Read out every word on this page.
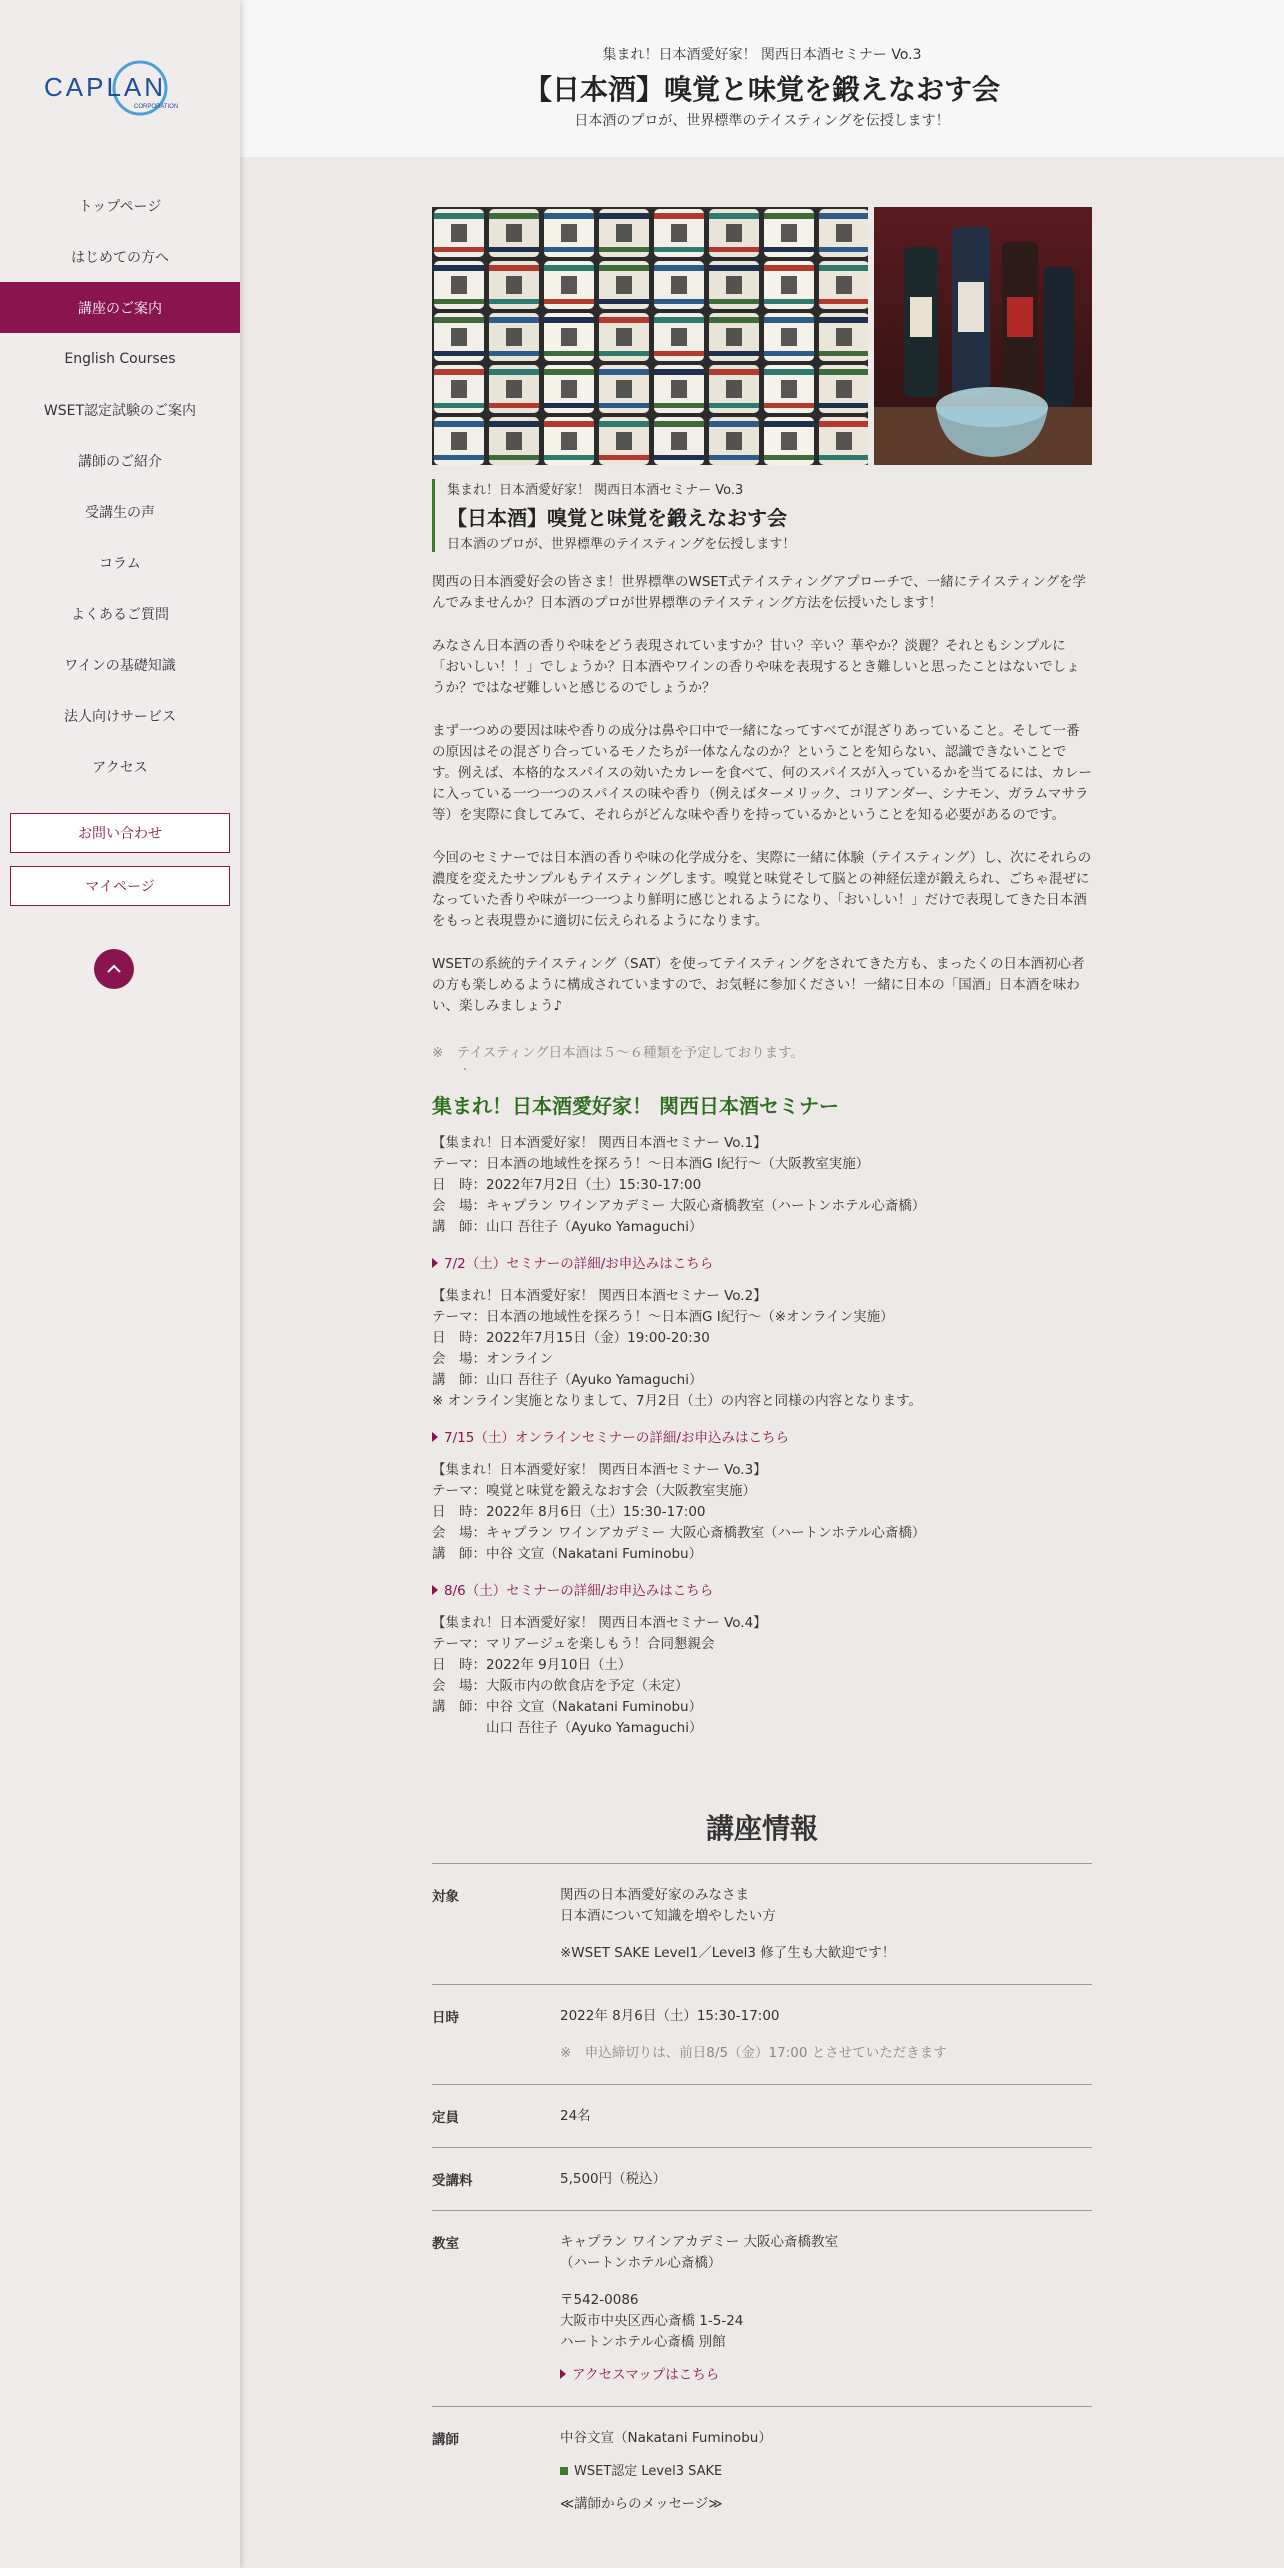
CAPLAN
CORPORATION
トップページ
はじめての方へ
講座のご案内
English Courses
WSET認定試験のご案内
講師のご紹介
受講生の声
コラム
よくあるご質問
ワインの基礎知識
法人向けサービス
アクセス
お問い合わせ
マイページ
集まれ！日本酒愛好家！ 関西日本酒セミナー Vo.3
【日本酒】嗅覚と味覚を鍛えなおす会
日本酒のプロが、世界標準のテイスティングを伝授します！
集まれ！日本酒愛好家！ 関西日本酒セミナー Vo.3
【日本酒】嗅覚と味覚を鍛えなおす会
日本酒のプロが、世界標準のテイスティングを伝授します！

関西の日本酒愛好会の皆さま！世界標準のWSET式テイスティングアプローチで、一緒にテイスティングを学んでみませんか？日本酒のプロが世界標準のテイスティング方法を伝授いたします！

みなさん日本酒の香りや味をどう表現されていますか？甘い？辛い？華やか？淡麗？それともシンプルに「おいしい！！」でしょうか？日本酒やワインの香りや味を表現するとき難しいと思ったことはないでしょうか？ではなぜ難しいと感じるのでしょうか？

まず一つめの要因は味や香りの成分は鼻や口中で一緒になってすべてが混ざりあっていること。そして一番の原因はその混ざり合っているモノたちが一体なんなのか？ということを知らない、認識できないことです。例えば、本格的なスパイスの効いたカレーを食べて、何のスパイスが入っているかを当てるには、カレーに入っている一つ一つのスパイスの味や香り（例えばターメリック、コリアンダー、シナモン、ガラムマサラ等）を実際に食してみて、それらがどんな味や香りを持っているかということを知る必要があるのです。

今回のセミナーでは日本酒の香りや味の化学成分を、実際に一緒に体験（テイスティング）し、次にそれらの濃度を変えたサンプルもテイスティングします。嗅覚と味覚そして脳との神経伝達が鍛えられ、ごちゃ混ぜになっていた香りや味が一つ一つより鮮明に感じとれるようになり、「おいしい！」だけで表現してきた日本酒をもっと表現豊かに適切に伝えられるようになります。

WSETの系統的テイスティング（SAT）を使ってテイスティングをされてきた方も、まったくの日本酒初心者の方も楽しめるように構成されていますので、お気軽に参加ください！一緒に日本の「国酒」日本酒を味わい、楽しみましょう♪

※　テイスティング日本酒は５～６種類を予定しております。
・
集まれ！日本酒愛好家！ 関西日本酒セミナー
【集まれ！日本酒愛好家！ 関西日本酒セミナー Vo.1】
テーマ：日本酒の地域性を探ろう！～日本酒G I紀行～（大阪教室実施）
日　時：2022年7月2日（土）15:30-17:00
会　場：キャプラン ワインアカデミー 大阪心斎橋教室（ハートンホテル心斎橋）
講　師：山口 吾往子（Ayuko Yamaguchi）
7/2（土）セミナーの詳細/お申込みはこちら
【集まれ！日本酒愛好家！ 関西日本酒セミナー Vo.2】
テーマ：日本酒の地域性を探ろう！～日本酒G I紀行～（※オンライン実施）
日　時：2022年7月15日（金）19:00-20:30
会　場：オンライン
講　師：山口 吾往子（Ayuko Yamaguchi）
※ オンライン実施となりまして、7月2日（土）の内容と同様の内容となります。
7/15（土）オンラインセミナーの詳細/お申込みはこちら
【集まれ！日本酒愛好家！ 関西日本酒セミナー Vo.3】
テーマ：嗅覚と味覚を鍛えなおす会（大阪教室実施）
日　時：2022年 8月6日（土）15:30-17:00
会　場：キャプラン ワインアカデミー 大阪心斎橋教室（ハートンホテル心斎橋）
講　師：中谷 文宣（Nakatani Fuminobu）
8/6（土）セミナーの詳細/お申込みはこちら
【集まれ！日本酒愛好家！ 関西日本酒セミナー Vo.4】
テーマ：マリアージュを楽しもう！合同懇親会
日　時：2022年 9月10日（土）
会　場：大阪市内の飲食店を予定（未定）
講　師：中谷 文宣（Nakatani Fuminobu）
　　　　山口 吾往子（Ayuko Yamaguchi）
講座情報
対象	関西の日本酒愛好家のみなさま
日本酒について知識を増やしたい方
※WSET SAKE Level1／Level3 修了生も大歓迎です！
日時	2022年 8月6日（土）15:30-17:00
※　申込締切りは、前日8/5（金）17:00 とさせていただきます
定員	24名
受講料	5,500円（税込）
教室	キャプラン ワインアカデミー 大阪心斎橋教室
（ハートンホテル心斎橋）
〒542-0086
大阪市中央区西心斎橋 1-5-24
ハートンホテル心斎橋 別館
アクセスマップはこちら
講師	中谷文宣（Nakatani Fuminobu）
WSET認定 Level3 SAKE
≪講師からのメッセージ≫
